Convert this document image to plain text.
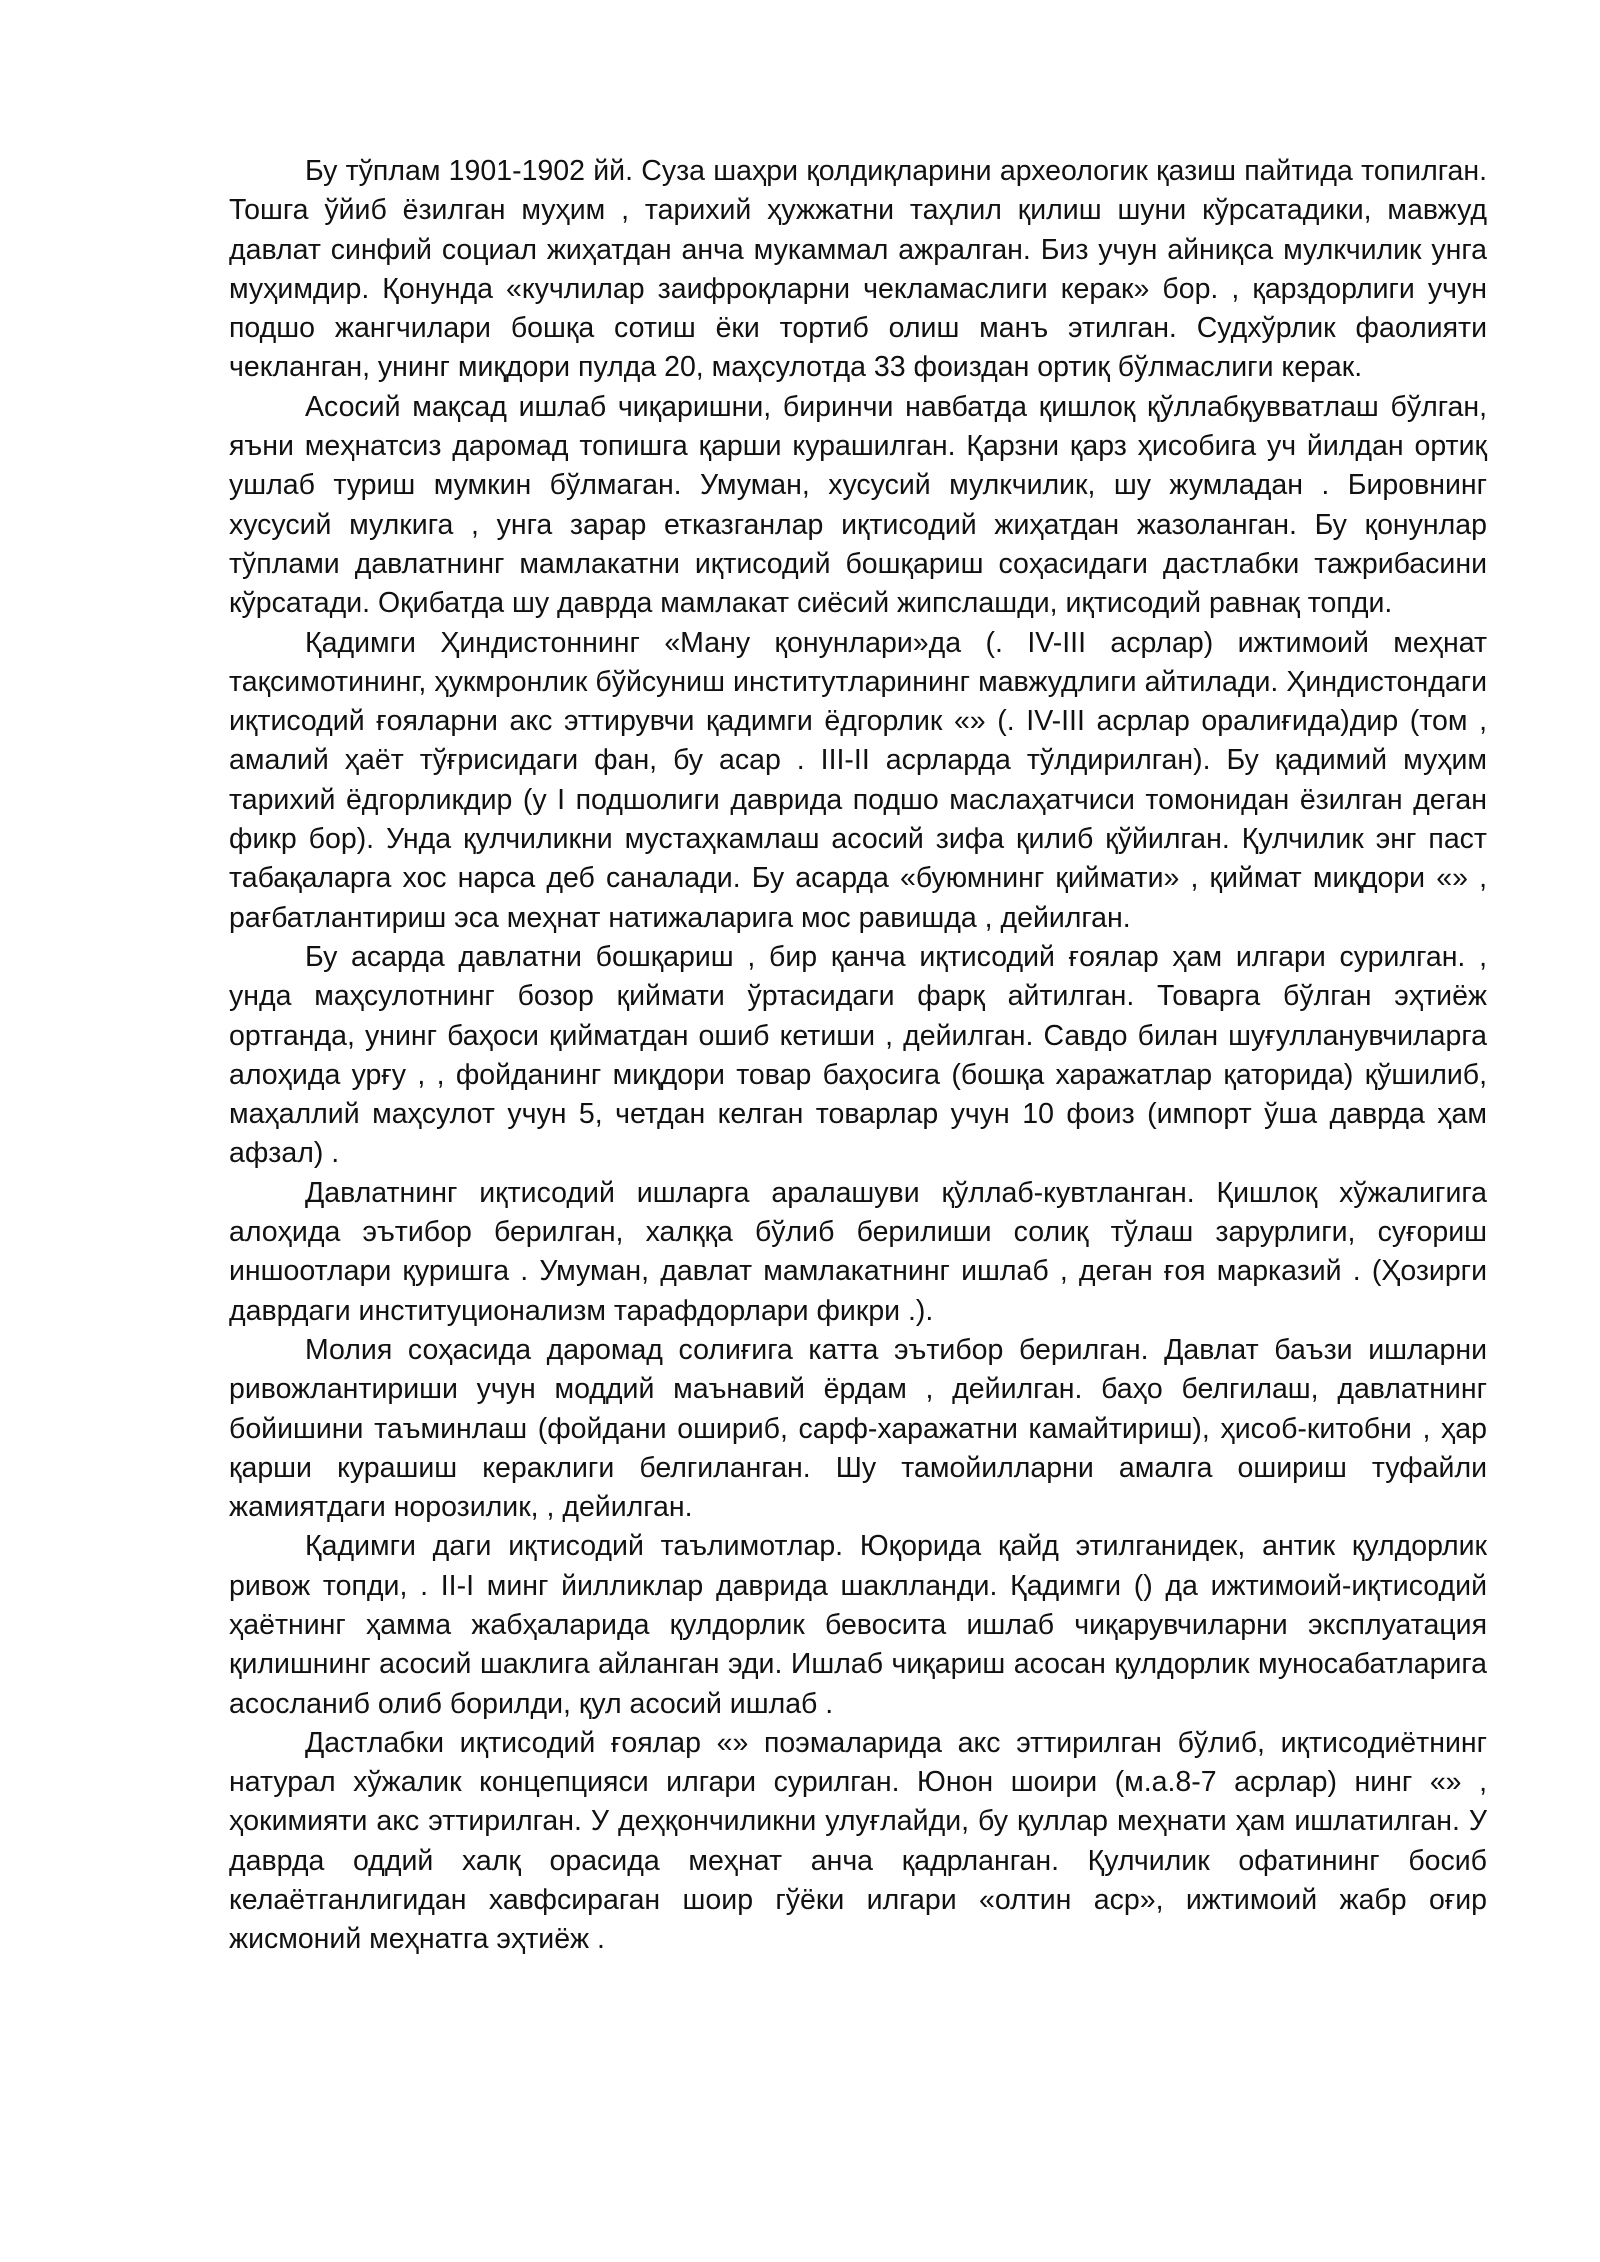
Бу тўплам 1901-1902 йй. Суза шаҳри қолдиқларини археологик қазиш пайтида топилган. Тошга ўйиб ёзилган муҳим , тарихий ҳужжатни таҳлил қилиш шуни кўрсатадики, мавжуд давлат синфий социал жиҳатдан анча мукаммал ажралган. Биз учун айниқса мулкчилик унга муҳимдир. Қонунда «кучлилар заифроқларни чекламаслиги керак» бор. , қарздорлиги учун подшо жангчилари бошқа сотиш ёки тортиб олиш манъ этилган. Судхўрлик фаолияти чекланган, унинг миқдори пулда 20, маҳсулотда 33 фоиздан ортиқ бўлмаслиги керак.

Асосий мақсад ишлаб чиқаришни, биринчи навбатда қишлоқ қўллабқувватлаш бўлган, яъни меҳнатсиз даромад топишга қарши курашилган. Қарзни қарз ҳисобига уч йилдан ортиқ ушлаб туриш мумкин бўлмаган. Умуман, хусусий мулкчилик, шу жумладан . Бировнинг хусусий мулкига , унга зарар етказганлар иқтисодий жиҳатдан жазоланган. Бу қонунлар тўплами давлатнинг мамлакатни иқтисодий бошқариш соҳасидаги дастлабки тажрибасини кўрсатади. Оқибатда шу даврда мамлакат сиёсий жипслашди, иқтисодий равнақ топди.

Қадимги Ҳиндистоннинг «Ману қонунлари»да (. IV-III асрлар) ижтимоий меҳнат тақсимотининг, ҳукмронлик бўйсуниш институтларининг мавжудлиги айтилади. Ҳиндистондаги иқтисодий ғояларни акс эттирувчи қадимги ёдгорлик «» (. IV-III асрлар оралиғида)дир (том , амалий ҳаёт тўғрисидаги фан, бу асар . III-II асрларда тўлдирилган). Бу қадимий муҳим тарихий ёдгорликдир (у I подшолиги даврида подшо маслаҳатчиси томонидан ёзилган деган фикр бор). Унда қулчиликни мустаҳкамлаш асосий зифа қилиб қўйилган. Қулчилик энг паст табақаларга хос нарса деб саналади. Бу асарда «буюмнинг қиймати» , қиймат миқдори «» , рағбатлантириш эса меҳнат натижаларига мос равишда , дейилган.

Бу асарда давлатни бошқариш , бир қанча иқтисодий ғоялар ҳам илгари сурилган. , унда маҳсулотнинг бозор қиймати ўртасидаги фарқ айтилган. Товарга бўлган эҳтиёж ортганда, унинг баҳоси қийматдан ошиб кетиши , дейилган. Савдо билан шуғулланувчиларга алоҳида урғу , , фойданинг миқдори товар баҳосига (бошқа харажатлар қаторида) қўшилиб, маҳаллий маҳсулот учун 5, четдан келган товарлар учун 10 фоиз (импорт ўша даврда ҳам афзал) .

Давлатнинг иқтисодий ишларга аралашуви қўллаб-кувтланган. Қишлоқ хўжалигига алоҳида эътибор берилган, халққа бўлиб берилиши солиқ тўлаш зарурлиги, суғориш иншоотлари қуришга . Умуман, давлат мамлакатнинг ишлаб , деган ғоя марказий . (Ҳозирги даврдаги институционализм тарафдорлари фикри .).

Молия соҳасида даромад солиғига катта эътибор берилган. Давлат баъзи ишларни ривожлантириши учун моддий маънавий ёрдам , дейилган. баҳо белгилаш, давлатнинг бойишини таъминлаш (фойдани ошириб, сарф-харажатни камайтириш), ҳисоб-китобни , ҳар қарши курашиш кераклиги белгиланган. Шу тамойилларни амалга ошириш туфайли жамиятдаги норозилик, , дейилган.

Қадимги даги иқтисодий таълимотлар. Юқорида қайд этилганидек, антик қулдорлик ривож топди, . II-I минг йилликлар даврида шаклланди. Қадимги () да ижтимоий-иқтисодий ҳаётнинг ҳамма жабҳаларида қулдорлик бевосита ишлаб чиқарувчиларни эксплуатация қилишнинг асосий шаклига айланган эди. Ишлаб чиқариш асосан қулдорлик муносабатларига асосланиб олиб борилди, қул асосий ишлаб .

Дастлабки иқтисодий ғоялар «» поэмаларида акс эттирилган бўлиб, иқтисодиётнинг натурал хўжалик концепцияси илгари сурилган. Юнон шоири (м.а.8-7 асрлар) нинг «» , ҳокимияти акс эттирилган. У деҳқончиликни улуғлайди, бу қуллар меҳнати ҳам ишлатилган. У даврда оддий халқ орасида меҳнат анча қадрланган. Қулчилик офатининг босиб келаётганлигидан хавфсираган шоир гўёки илгари «олтин аср», ижтимоий жабр оғир жисмоний меҳнатга эҳтиёж .
